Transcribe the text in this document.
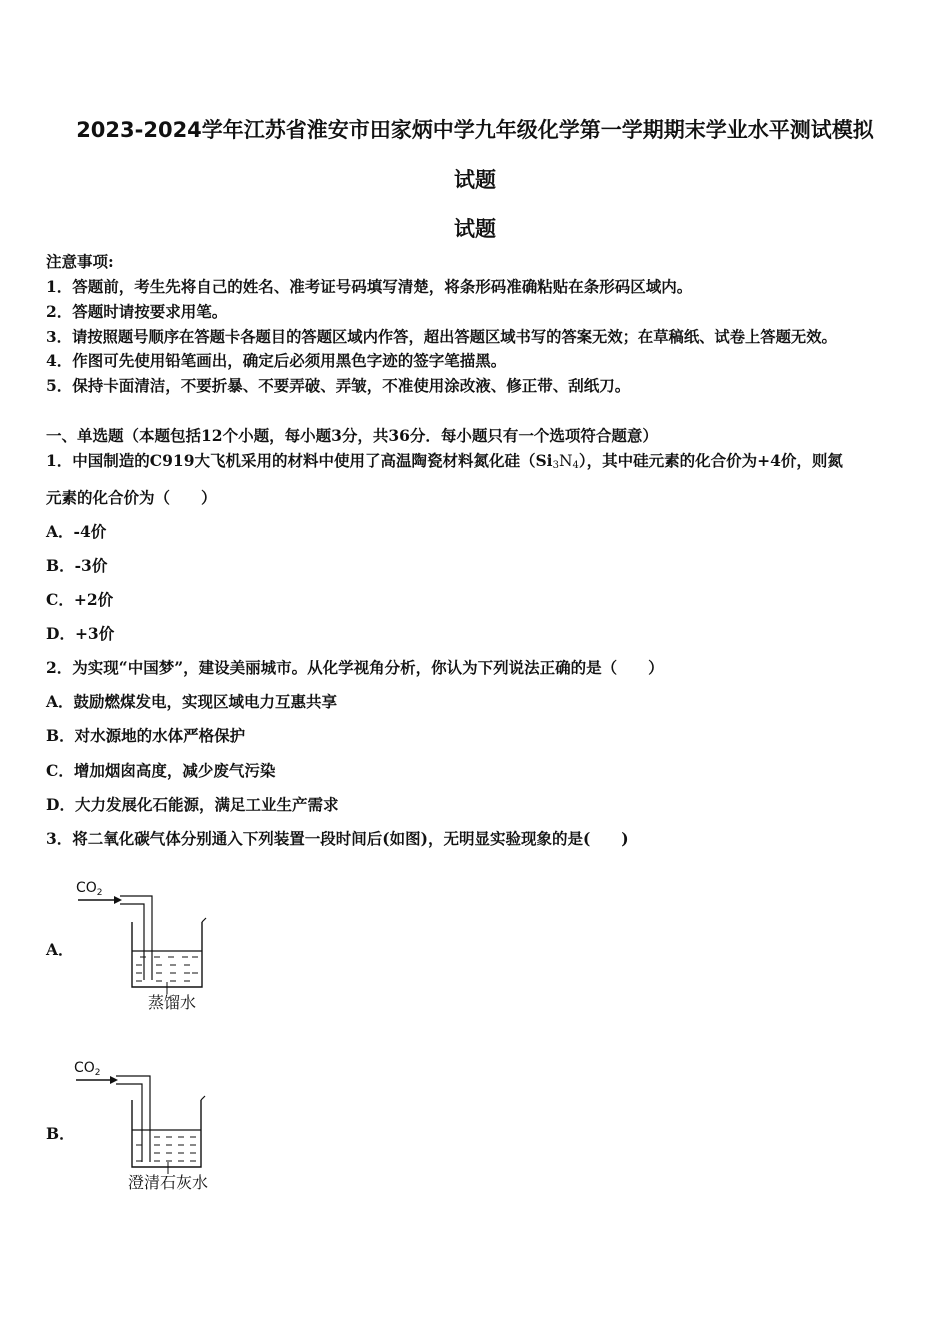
2023-2024学年江苏省淮安市田家炳中学九年级化学第一学期期末学业水平测试模拟
试题
试题
注意事项:
1．答题前，考生先将自己的姓名、准考证号码填写清楚，将条形码准确粘贴在条形码区域内。
2．答题时请按要求用笔。
3．请按照题号顺序在答题卡各题目的答题区域内作答，超出答题区域书写的答案无效；在草稿纸、试卷上答题无效。
4．作图可先使用铅笔画出，确定后必须用黑色字迹的签字笔描黑。
5．保持卡面清洁，不要折暴、不要弄破、弄皱，不准使用涂改液、修正带、刮纸刀。
一、单选题（本题包括12个小题，每小题3分，共36分．每小题只有一个选项符合题意）
1．中国制造的C919大飞机采用的材料中使用了高温陶瓷材料氮化硅$(Si_3N_4)$，其中硅元素的化合价为+4价，则氮
元素的化合价为（　　）
A．-4价
B．-3价
C．+2价
D．+3价
2．为实现“中国梦”，建设美丽城市。从化学视角分析，你认为下列说法正确的是（　　）
A．鼓励燃煤发电，实现区域电力互惠共享
B．对水源地的水体严格保护
C．增加烟囱高度，减少废气污染
D．大力发展化石能源，满足工业生产需求
3．将二氧化碳气体分别通入下列装置一段时间后(如图)，无明显实验现象的是(　　)
A．
$CO_2$
蒸馏水
B．
$CO_2$
澄清石灰水
